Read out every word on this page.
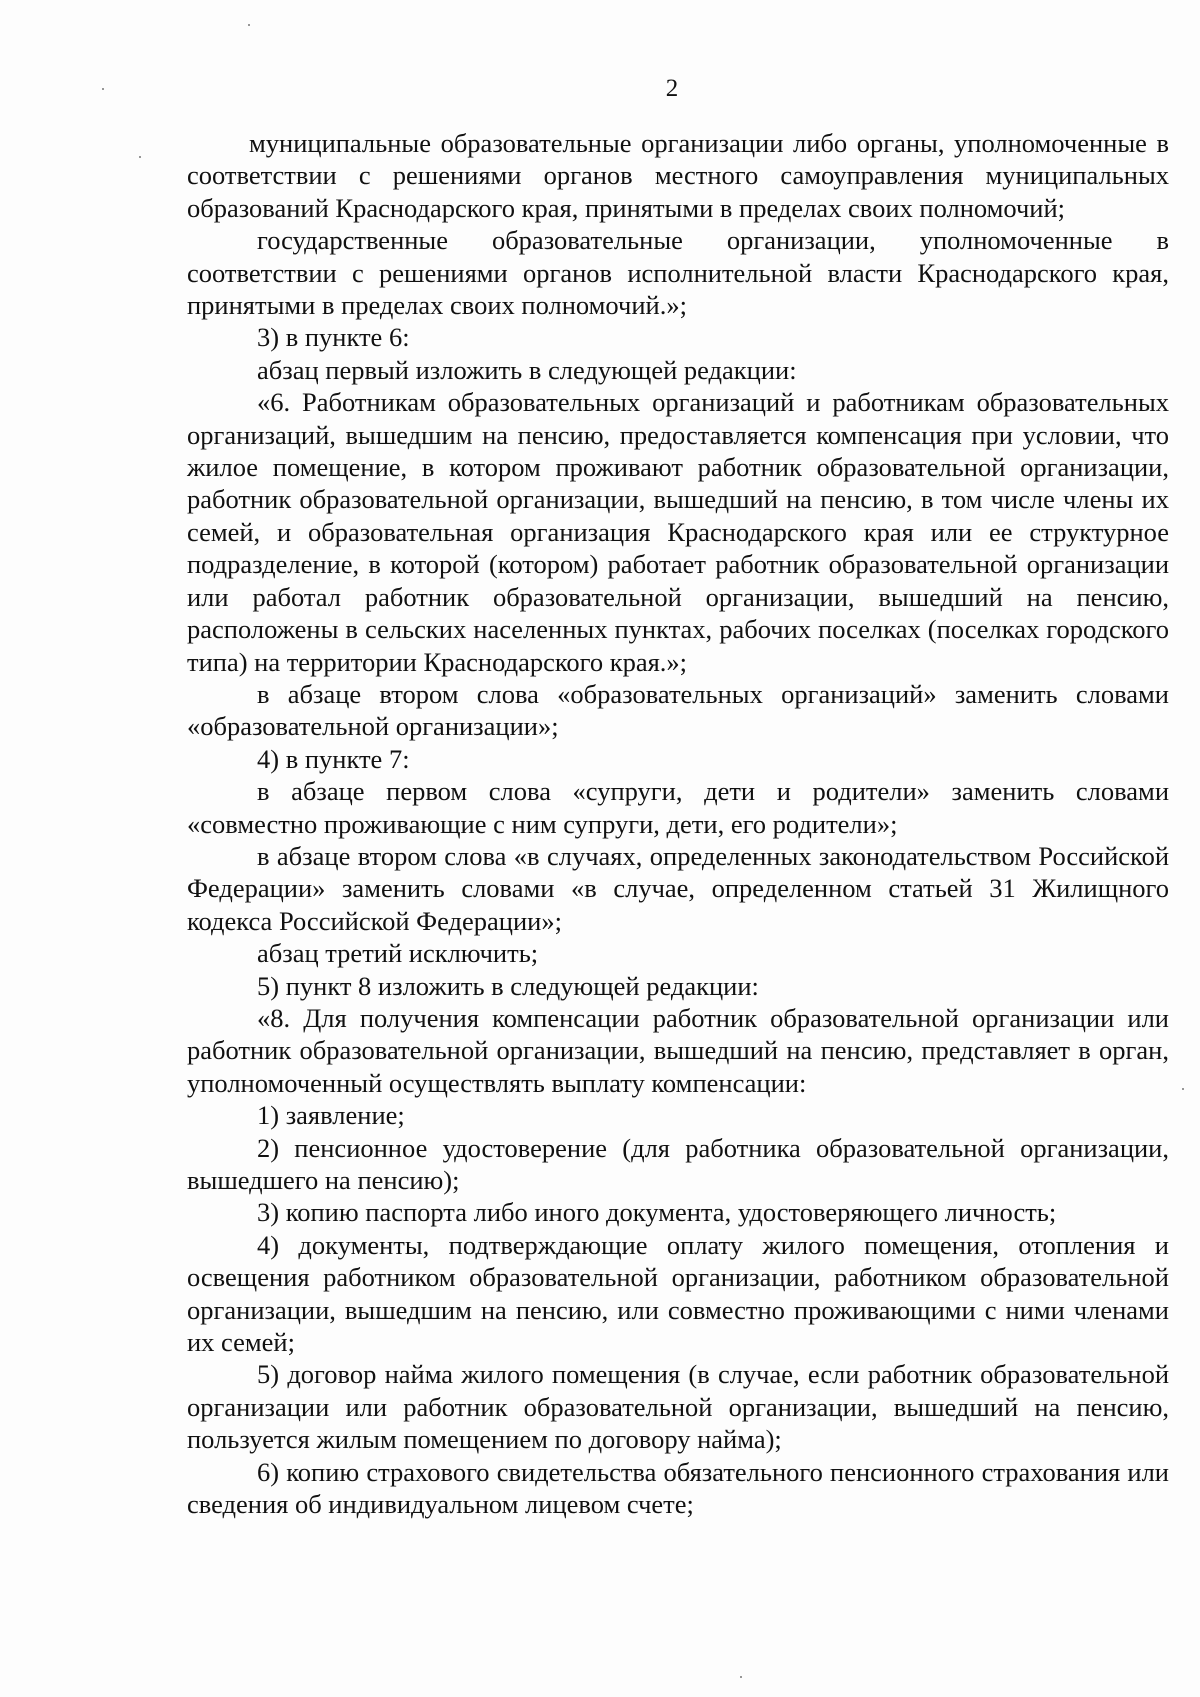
2

муниципальные образовательные организации либо органы, уполномоченные в соответствии с решениями органов местного самоуправления муниципальных образований Краснодарского края, принятыми в пределах своих полномочий;

государственные образовательные организации, уполномоченные в соответствии с решениями органов исполнительной власти Краснодарского края, принятыми в пределах своих полномочий.»;

3) в пункте 6:

абзац первый изложить в следующей редакции:

«6. Работникам образовательных организаций и работникам образовательных организаций, вышедшим на пенсию, предоставляется компенсация при условии, что жилое помещение, в котором проживают работник образовательной организации, работник образовательной организации, вышедший на пенсию, в том числе члены их семей, и образовательная организация Краснодарского края или ее структурное подразделение, в которой (котором) работает работник образовательной организации или работал работник образовательной организации, вышедший на пенсию, расположены в сельских населенных пунктах, рабочих поселках (поселках городского типа) на территории Краснодарского края.»;

в абзаце втором слова «образовательных организаций» заменить словами «образовательной организации»;

4) в пункте 7:

в абзаце первом слова «супруги, дети и родители» заменить словами «совместно проживающие с ним супруги, дети, его родители»;

в абзаце втором слова «в случаях, определенных законодательством Российской Федерации» заменить словами «в случае, определенном статьей 31 Жилищного кодекса Российской Федерации»;

абзац третий исключить;

5) пункт 8 изложить в следующей редакции:

«8. Для получения компенсации работник образовательной организации или работник образовательной организации, вышедший на пенсию, представляет в орган, уполномоченный осуществлять выплату компенсации:

1) заявление;

2) пенсионное удостоверение (для работника образовательной организации, вышедшего на пенсию);

3) копию паспорта либо иного документа, удостоверяющего личность;

4) документы, подтверждающие оплату жилого помещения, отопления и освещения работником образовательной организации, работником образовательной организации, вышедшим на пенсию, или совместно проживающими с ними членами их семей;

5) договор найма жилого помещения (в случае, если работник образовательной организации или работник образовательной организации, вышедший на пенсию, пользуется жилым помещением по договору найма);

6) копию страхового свидетельства обязательного пенсионного страхования или сведения об индивидуальном лицевом счете;
